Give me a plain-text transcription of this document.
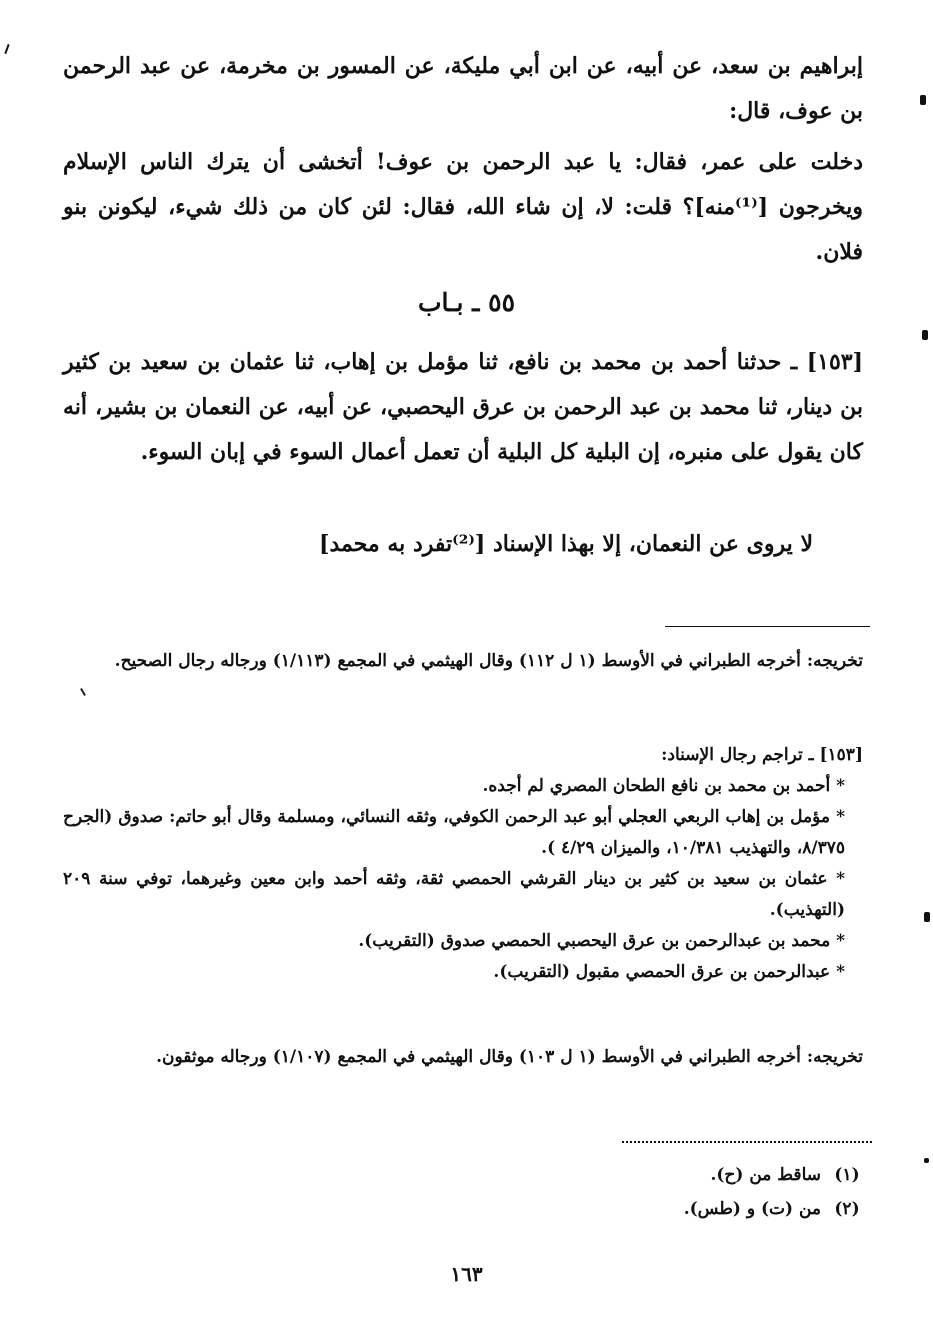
إبراهيم بن سعد، عن أبيه، عن ابن أبي مليكة، عن المسور بن مخرمة، عن عبد الرحمن بن عوف، قال:
دخلت على عمر، فقال: يا عبد الرحمن بن عوف! أتخشى أن يترك الناس الإسلام ويخرجون [⁽¹⁾منه]؟ قلت: لا، إن شاء الله، فقال: لئن كان من ذلك شيء، ليكونن بنو فلان.
٥٥ ـ بـاب
[١٥٣] ـ حدثنا أحمد بن محمد بن نافع، ثنا مؤمل بن إهاب، ثنا عثمان بن سعيد بن كثير بن دينار، ثنا محمد بن عبد الرحمن بن عرق اليحصبي، عن أبيه، عن النعمان بن بشير، أنه كان يقول على منبره، إن البلية كل البلية أن تعمل أعمال السوء في إبان السوء.
لا يروى عن النعمان، إلا بهذا الإسناد [⁽²⁾تفرد به محمد]
تخريجه: أخرجه الطبراني في الأوسط (١ ل ١١٢) وقال الهيثمي في المجمع (١/١١٣) ورجاله رجال الصحيح.
[١٥٣] ـ تراجم رجال الإسناد:
* أحمد بن محمد بن نافع الطحان المصري لم أجده.
* مؤمل بن إهاب الربعي العجلي أبو عبد الرحمن الكوفي، وثقه النسائي، ومسلمة وقال أبو حاتم: صدوق (الجرح ٨/٣٧٥، والتهذيب ١٠/٣٨١، والميزان ٤/٢٩ ).
* عثمان بن سعيد بن كثير بن دينار القرشي الحمصي ثقة، وثقه أحمد وابن معين وغيرهما، توفي سنة ٢٠٩ (التهذيب).
* محمد بن عبدالرحمن بن عرق اليحصبي الحمصي صدوق (التقريب).
* عبدالرحمن بن عرق الحمصي مقبول (التقريب).
تخريجه: أخرجه الطبراني في الأوسط (١ ل ١٠٣) وقال الهيثمي في المجمع (١/١٠٧) ورجاله موثقون.
(١)
ساقط من (ح).
(٢)
من (ت) و (طس).
١٦٣
